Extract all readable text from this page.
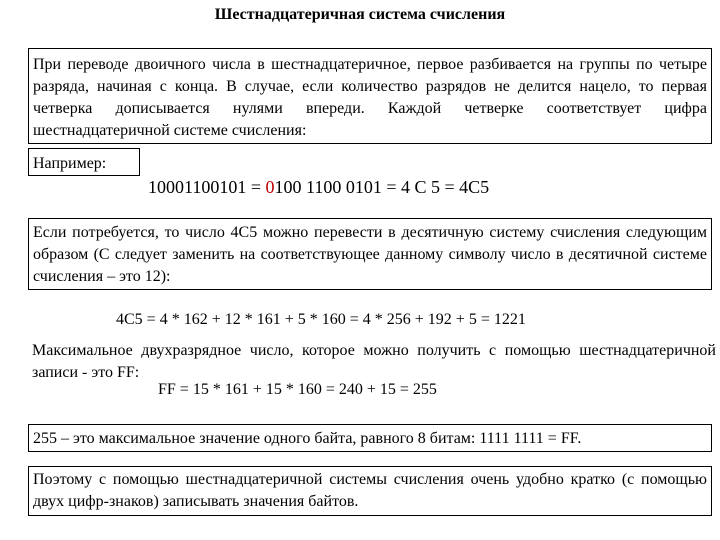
Шестнадцатеричная система счисления
При переводе двоичного числа в шестнадцатеричное, первое разбивается на группы по четыре разряда, начиная с конца. В случае, если количество разрядов не делится нацело, то первая четверка дописывается нулями впереди. Каждой четверке соответствует цифра шестнадцатеричной системе счисления:
Например:
10001100101 = 0100 1100 0101 = 4 C 5 = 4C5
Если потребуется, то число 4C5 можно перевести в десятичную систему счисления следующим образом (С следует заменить на соответствующее данному символу число в десятичной системе счисления – это 12):
4C5 = 4 * 162 + 12 * 161 + 5 * 160 = 4 * 256 + 192 + 5 = 1221
Максимальное двухразрядное число, которое можно получить с помощью шестнадцатеричной записи - это FF:
FF = 15 * 161 + 15 * 160 = 240 + 15 = 255
255 – это максимальное значение одного байта, равного 8 битам: 1111 1111 = FF.
Поэтому с помощью шестнадцатеричной системы счисления очень удобно кратко (с помощью двух цифр-знаков) записывать значения байтов.
